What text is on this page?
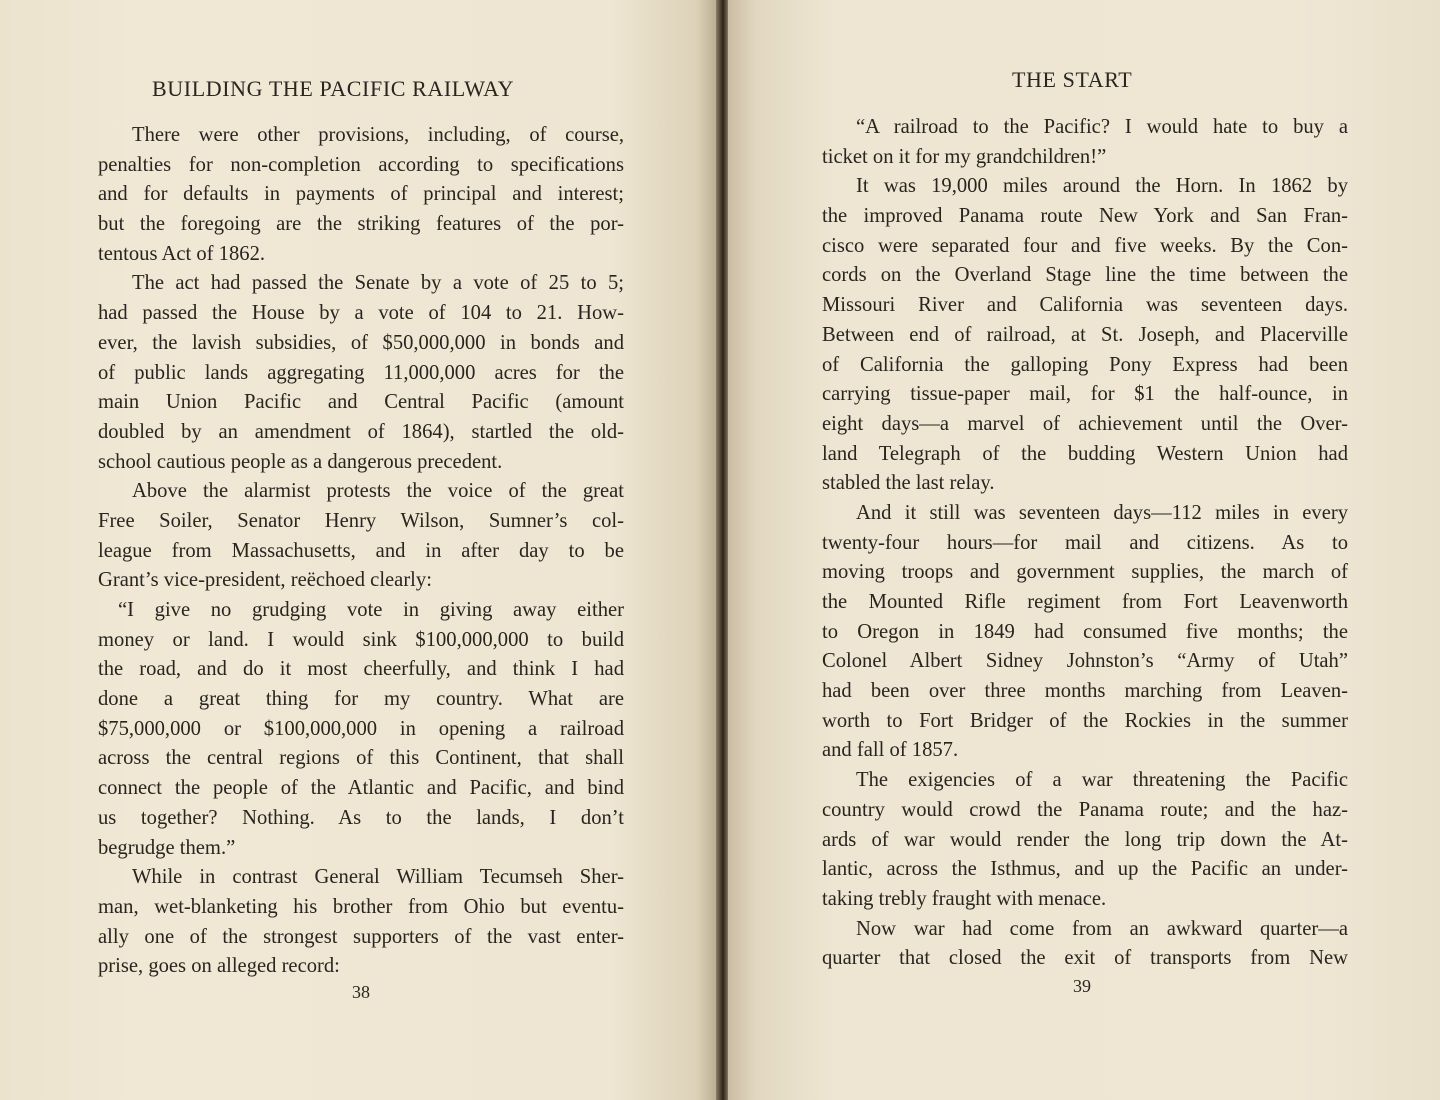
BUILDING THE PACIFIC RAILWAY
There were other provisions, including, of course,
penalties for non-completion according to specifications
and for defaults in payments of principal and interest;
but the foregoing are the striking features of the por-
tentous Act of 1862.
The act had passed the Senate by a vote of 25 to 5;
had passed the House by a vote of 104 to 21. How-
ever, the lavish subsidies, of $50,000,000 in bonds and
of public lands aggregating 11,000,000 acres for the
main Union Pacific and Central Pacific (amount
doubled by an amendment of 1864), startled the old-
school cautious people as a dangerous precedent.
Above the alarmist protests the voice of the great
Free Soiler, Senator Henry Wilson, Sumner’s col-
league from Massachusetts, and in after day to be
Grant’s vice-president, reëchoed clearly:
“I give no grudging vote in giving away either
money or land. I would sink $100,000,000 to build
the road, and do it most cheerfully, and think I had
done a great thing for my country. What are
$75,000,000 or $100,000,000 in opening a railroad
across the central regions of this Continent, that shall
connect the people of the Atlantic and Pacific, and bind
us together? Nothing. As to the lands, I don’t
begrudge them.”
While in contrast General William Tecumseh Sher-
man, wet-blanketing his brother from Ohio but eventu-
ally one of the strongest supporters of the vast enter-
prise, goes on alleged record:
38
THE START
“A railroad to the Pacific? I would hate to buy a
ticket on it for my grandchildren!”
It was 19,000 miles around the Horn. In 1862 by
the improved Panama route New York and San Fran-
cisco were separated four and five weeks. By the Con-
cords on the Overland Stage line the time between the
Missouri River and California was seventeen days.
Between end of railroad, at St. Joseph, and Placerville
of California the galloping Pony Express had been
carrying tissue-paper mail, for $1 the half-ounce, in
eight days—a marvel of achievement until the Over-
land Telegraph of the budding Western Union had
stabled the last relay.
And it still was seventeen days—112 miles in every
twenty-four hours—for mail and citizens. As to
moving troops and government supplies, the march of
the Mounted Rifle regiment from Fort Leavenworth
to Oregon in 1849 had consumed five months; the
Colonel Albert Sidney Johnston’s “Army of Utah”
had been over three months marching from Leaven-
worth to Fort Bridger of the Rockies in the summer
and fall of 1857.
The exigencies of a war threatening the Pacific
country would crowd the Panama route; and the haz-
ards of war would render the long trip down the At-
lantic, across the Isthmus, and up the Pacific an under-
taking trebly fraught with menace.
Now war had come from an awkward quarter—a
quarter that closed the exit of transports from New
39
